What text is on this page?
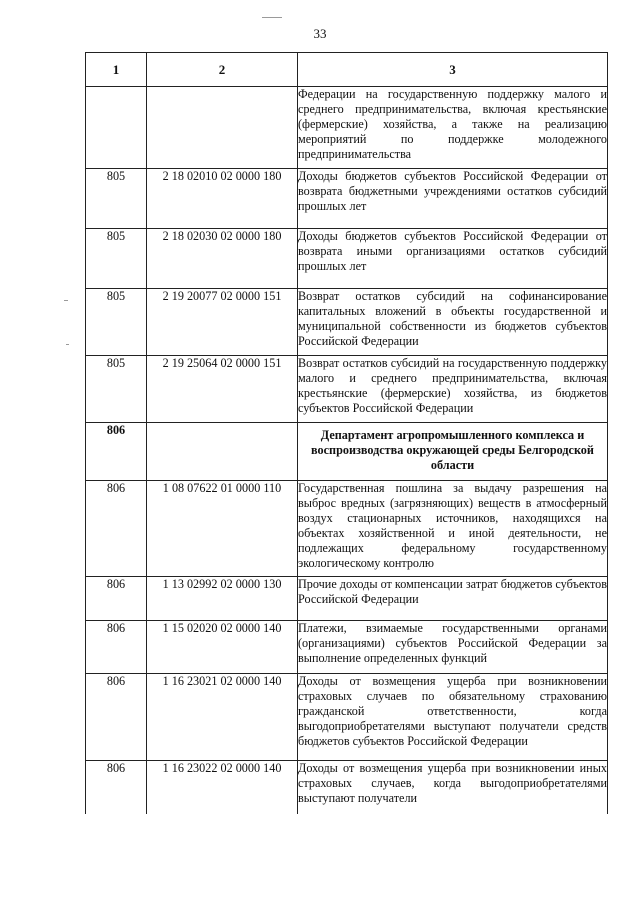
33
1	2	3
		Федерации на государственную поддержку малого и среднего предпринимательства, включая крестьянские (фермерские) хозяйства, а также на реализацию мероприятий по поддержке молодежного предпринимательства
805	2 18 02010 02 0000 180	Доходы бюджетов субъектов Российской Федерации от возврата бюджетными учреждениями остатков субсидий прошлых лет
805	2 18 02030 02 0000 180	Доходы бюджетов субъектов Российской Федерации от возврата иными организациями остатков субсидий прошлых лет
805	2 19 20077 02 0000 151	Возврат остатков субсидий на софинансирование капитальных вложений в объекты государственной и муниципальной собственности из бюджетов субъектов Российской Федерации
805	2 19 25064 02 0000 151	Возврат остатков субсидий на государственную поддержку малого и среднего предпринимательства, включая крестьянские (фермерские) хозяйства, из бюджетов субъектов Российской Федерации
806		Департамент агропромышленного комплекса и воспроизводства окружающей среды Белгородской области
806	1 08 07622 01 0000 110	Государственная пошлина за выдачу разрешения на выброс вредных (загрязняющих) веществ в атмосферный воздух стационарных источников, находящихся на объектах хозяйственной и иной деятельности, не подлежащих федеральному государственному экологическому контролю
806	1 13 02992 02 0000 130	Прочие доходы от компенсации затрат бюджетов субъектов Российской Федерации
806	1 15 02020 02 0000 140	Платежи, взимаемые государственными органами (организациями) субъектов Российской Федерации за выполнение определенных функций
806	1 16 23021 02 0000 140	Доходы от возмещения ущерба при возникновении страховых случаев по обязательному страхованию гражданской ответственности, когда выгодоприобретателями выступают получатели средств бюджетов субъектов Российской Федерации
806	1 16 23022 02 0000 140	Доходы от возмещения ущерба при возникновении иных страховых случаев, когда выгодоприобретателями выступают получатели
